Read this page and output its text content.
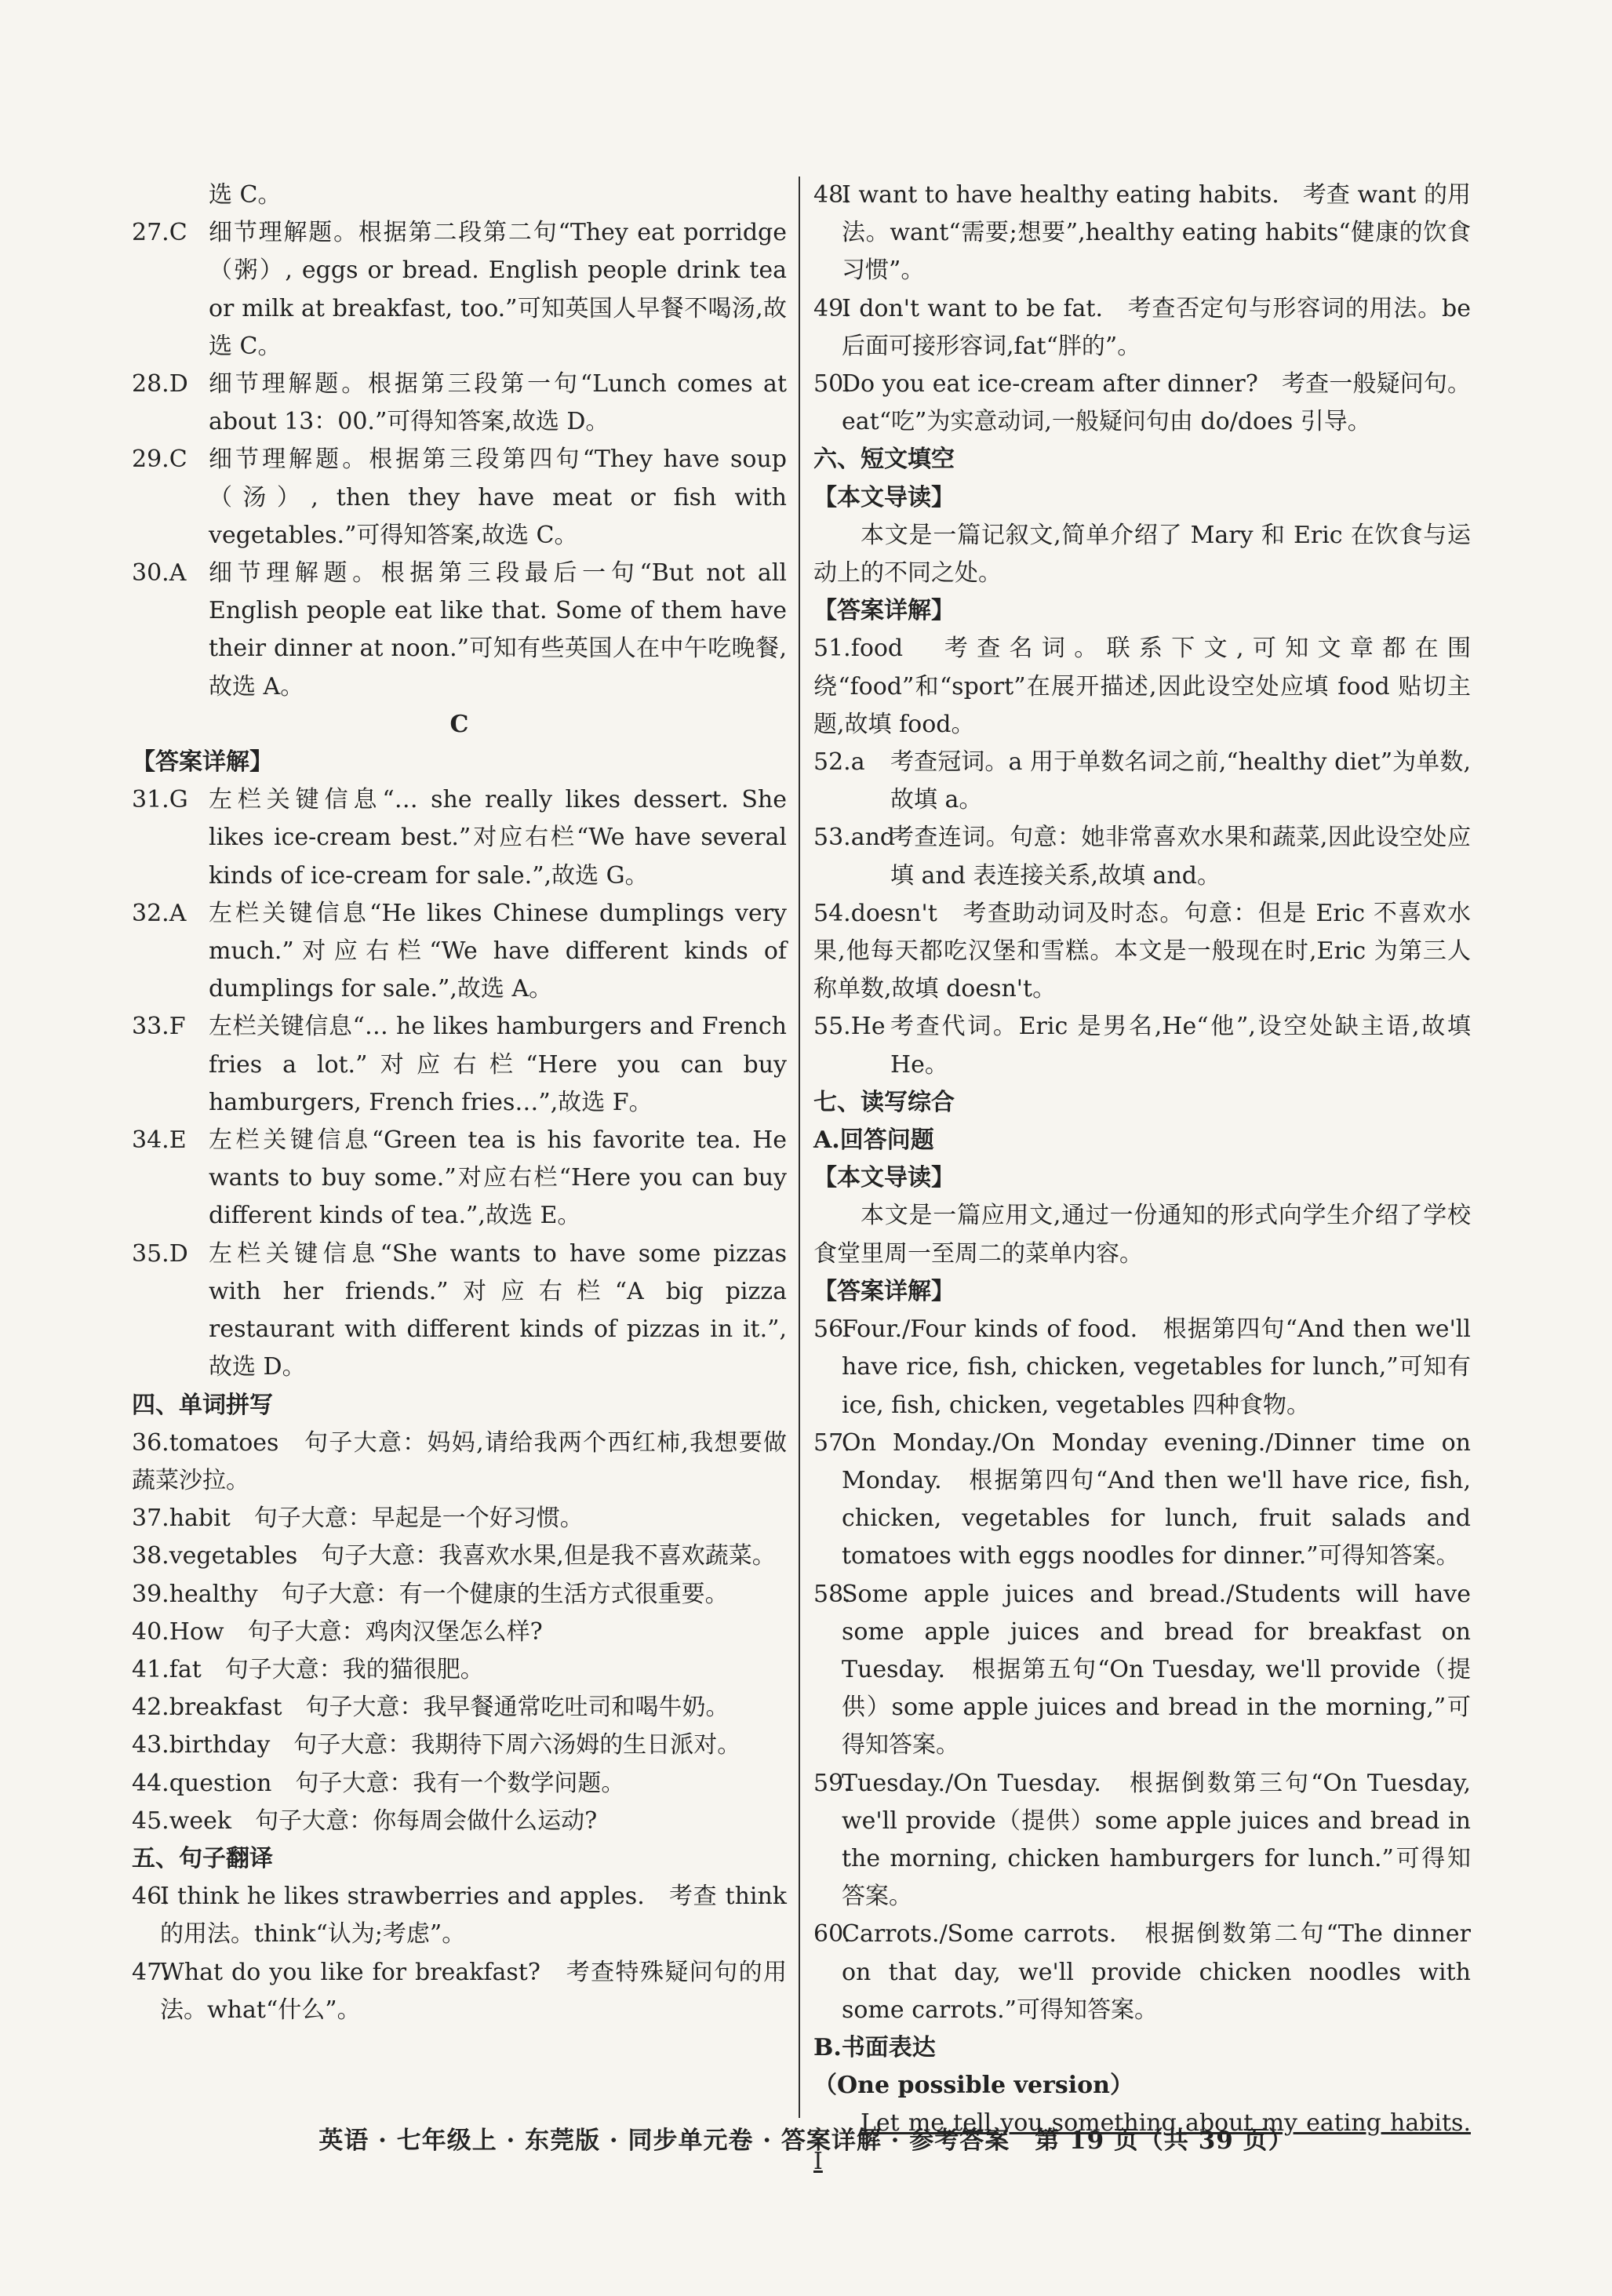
选 C。
27.C 细节理解题。根据第二段第二句“They eat porridge（粥）, eggs or bread. English people drink tea or milk at breakfast, too.”可知英国人早餐不喝汤,故选 C。
28.D 细节理解题。根据第三段第一句“Lunch comes at about 13：00.”可得知答案,故选 D。
29.C 细节理解题。根据第三段第四句“They have soup（汤）, then they have meat or fish with vegetables.”可得知答案,故选 C。
30.A 细节理解题。根据第三段最后一句“But not all English people eat like that. Some of them have their dinner at noon.”可知有些英国人在中午吃晚餐,故选 A。
C
【答案详解】
31.G 左栏关键信息“… she really likes dessert. She likes ice-cream best.”对应右栏“We have several kinds of ice-cream for sale.”,故选 G。
32.A 左栏关键信息“He likes Chinese dumplings very much.”对应右栏“We have different kinds of dumplings for sale.”,故选 A。
33.F 左栏关键信息“… he likes hamburgers and French fries a lot.”对应右栏“Here you can buy hamburgers, French fries…”,故选 F。
34.E 左栏关键信息“Green tea is his favorite tea. He wants to buy some.”对应右栏“Here you can buy different kinds of tea.”,故选 E。
35.D 左栏关键信息“She wants to have some pizzas with her friends.”对应右栏“A big pizza restaurant with different kinds of pizzas in it.”,故选 D。
四、单词拼写
36.tomatoes　句子大意：妈妈,请给我两个西红柿,我想要做蔬菜沙拉。
37.habit　句子大意：早起是一个好习惯。
38.vegetables　句子大意：我喜欢水果,但是我不喜欢蔬菜。
39.healthy　句子大意：有一个健康的生活方式很重要。
40.How　句子大意：鸡肉汉堡怎么样?
41.fat　句子大意：我的猫很肥。
42.breakfast　句子大意：我早餐通常吃吐司和喝牛奶。
43.birthday　句子大意：我期待下周六汤姆的生日派对。
44.question　句子大意：我有一个数学问题。
45.week　句子大意：你每周会做什么运动?
五、句子翻译
46.
I think he likes strawberries and apples.　考查 think 的用法。think“认为;考虑”。
47.
What do you like for breakfast?　考查特殊疑问句的用法。what“什么”。
48.
I want to have healthy eating habits.　考查 want 的用法。want“需要;想要”,healthy eating habits“健康的饮食习惯”。
49.
I don't want to be fat.　考查否定句与形容词的用法。be 后面可接形容词,fat“胖的”。
50.
Do you eat ice-cream after dinner?　考查一般疑问句。eat“吃”为实意动词,一般疑问句由 do/does 引导。
六、短文填空
【本文导读】
本文是一篇记叙文,简单介绍了 Mary 和 Eric 在饮食与运动上的不同之处。
【答案详解】
51.food　考查名词。联系下文,可知文章都在围绕“food”和“sport”在展开描述,因此设空处应填 food 贴切主题,故填 food。
52.a 考查冠词。a 用于单数名词之前,“healthy diet”为单数,故填 a。
53.and
考查连词。句意：她非常喜欢水果和蔬菜,因此设空处应填 and 表连接关系,故填 and。
54.doesn't　考查助动词及时态。句意：但是 Eric 不喜欢水果,他每天都吃汉堡和雪糕。本文是一般现在时,Eric 为第三人称单数,故填 doesn't。
55.He 考查代词。Eric 是男名,He“他”,设空处缺主语,故填 He。
七、读写综合
A.回答问题
【本文导读】
本文是一篇应用文,通过一份通知的形式向学生介绍了学校食堂里周一至周二的菜单内容。
【答案详解】
56.
Four./Four kinds of food.　根据第四句“And then we'll have rice, fish, chicken, vegetables for lunch,”可知有 ice, fish, chicken, vegetables 四种食物。
57.
On Monday./On Monday evening./Dinner time on Monday.　根据第四句“And then we'll have rice, fish, chicken, vegetables for lunch, fruit salads and tomatoes with eggs noodles for dinner.”可得知答案。
58.
Some apple juices and bread./Students will have some apple juices and bread for breakfast on Tuesday.　根据第五句“On Tuesday, we'll provide（提供）some apple juices and bread in the morning,”可得知答案。
59.
Tuesday./On Tuesday.　根据倒数第三句“On Tuesday, we'll provide（提供）some apple juices and bread in the morning, chicken hamburgers for lunch.”可得知答案。
60.
Carrots./Some carrots.　根据倒数第二句“The dinner on that day, we'll provide chicken noodles with some carrots.”可得知答案。
B.书面表达
（One possible version）
Let me tell you something about my eating habits. I
英语 · 七年级上 · 东莞版 · 同步单元卷 · 答案详解 · 参考答案　第 19 页（共 39 页）
